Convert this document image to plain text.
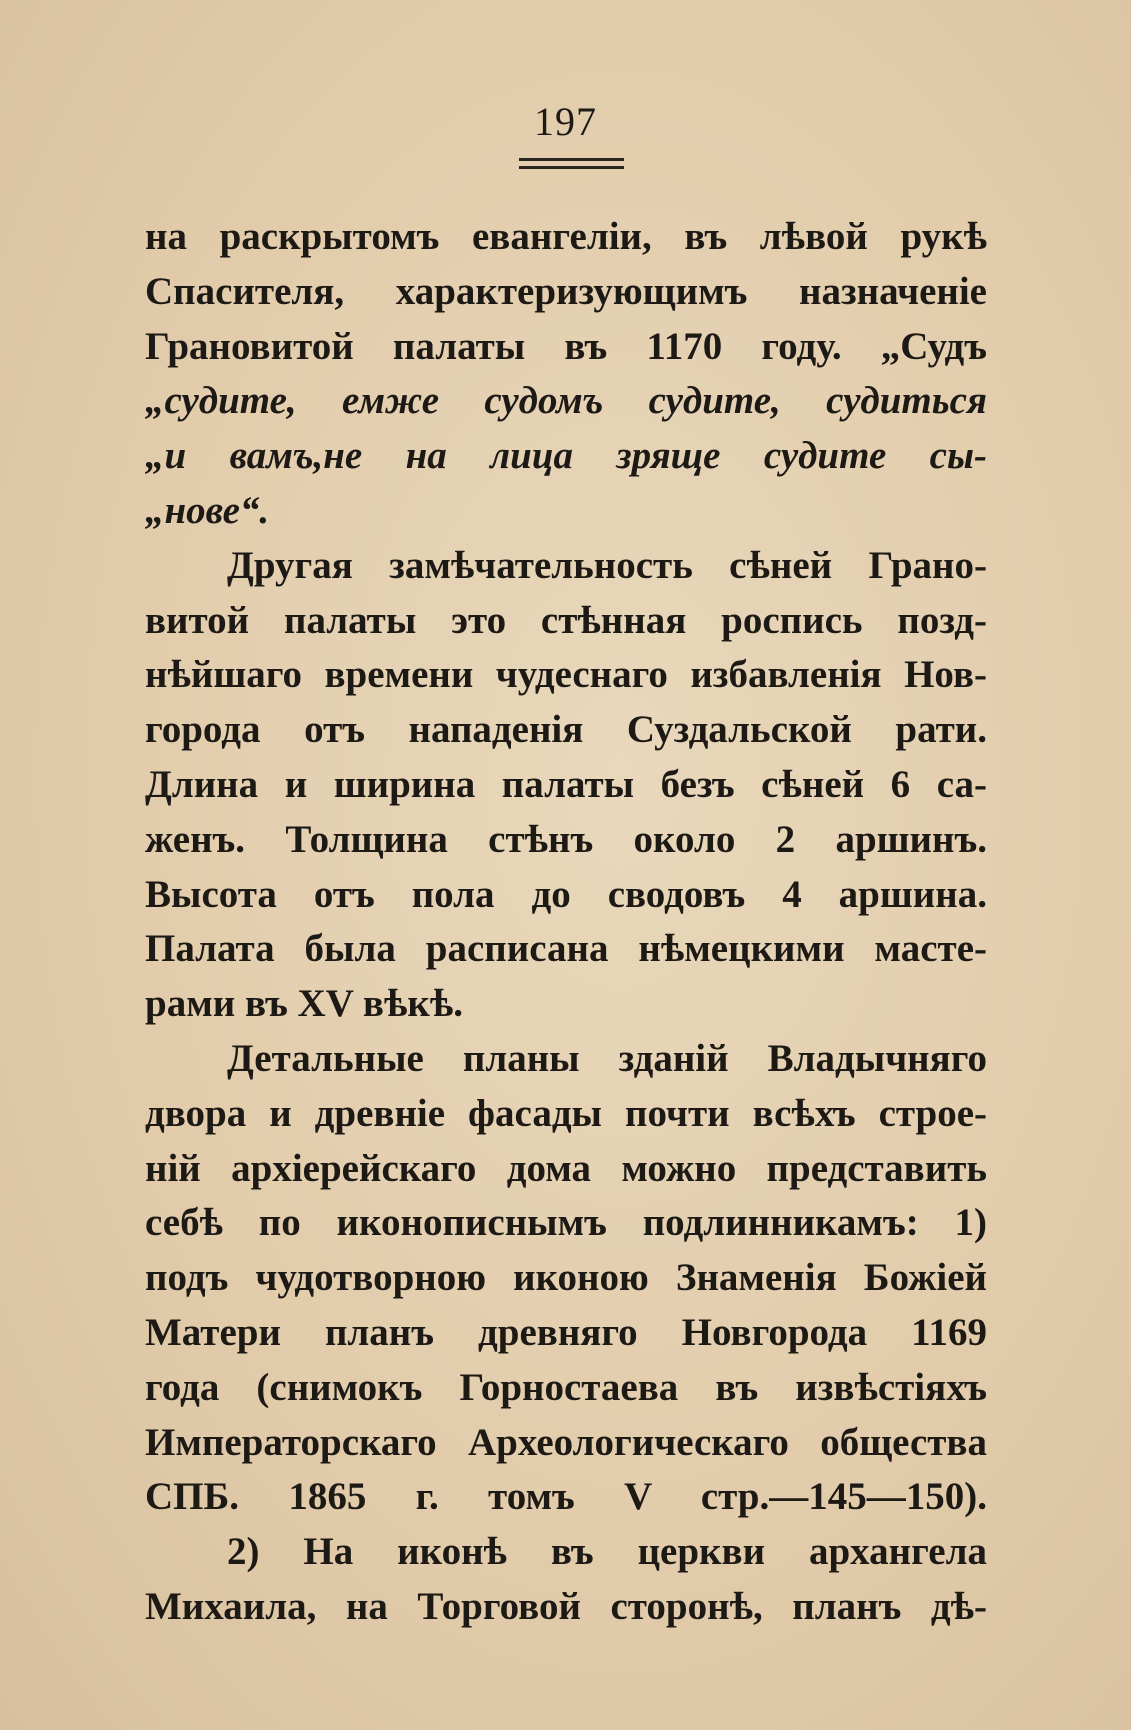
197
на раскрытомъ евангеліи, въ лѣвой рукѣ
Спасителя, характеризующимъ назначеніе
Грановитой палаты въ 1170 году. „Судъ
„судите, емже судомъ судите, судиться
„и вамъ,не на лица зряще судите сы-
„нове“.
Другая замѣчательность сѣней Грано-
витой палаты это стѣнная роспись позд-
нѣйшаго времени чудеснаго избавленія Нов-
города отъ нападенія Суздальской рати.
Длина и ширина палаты безъ сѣней 6 са-
женъ. Толщина стѣнъ около 2 аршинъ.
Высота отъ пола до сводовъ 4 аршина.
Палата была расписана нѣмецкими масте-
рами въ XV вѣкѣ.
Детальные планы зданій Владычняго
двора и древніе фасады почти всѣхъ строе-
ній архіерейскаго дома можно представить
себѣ по иконописнымъ подлинникамъ: 1)
подъ чудотворною иконою Знаменія Божіей
Матери планъ древняго Новгорода 1169
года (снимокъ Горностаева въ извѣстіяхъ
Императорскаго Археологическаго общества
СПБ. 1865 г. томъ V стр.—145—150).
2) На иконѣ въ церкви архангела
Михаила, на Торговой сторонѣ, планъ дѣ-
